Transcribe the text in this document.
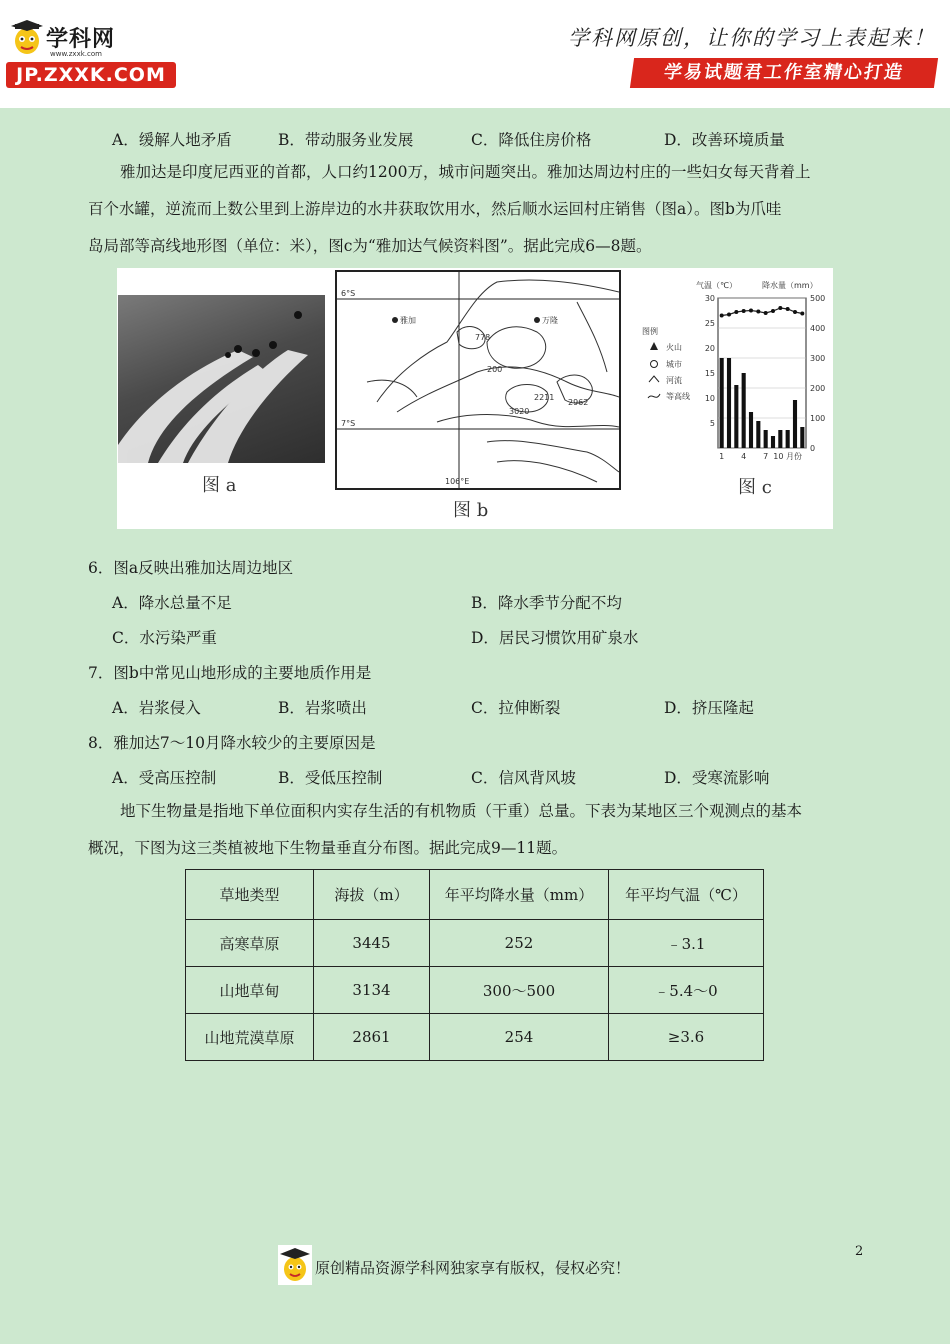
学科网
www.zxxk.com
JP.ZXXK.COM
学科网原创，让你的学习上表起来！
学易试题君工作室精心打造
A．缓解人地矛盾	B．带动服务业发展	C．降低住房价格	D．改善环境质量
雅加达是印度尼西亚的首都，人口约1200万，城市问题突出。雅加达周边村庄的一些妇女每天背着上
百个水罐，逆流而上数公里到上游岸边的水井获取饮用水，然后顺水运回村庄销售（图a）。图b为爪哇
岛局部等高线地形图（单位：米），图c为“雅加达气候资料图”。据此完成6—8题。
图 a
6°S
7°S
106°E
雅加	万隆
778
200
2211
2962
3020
图 b
气温（℃）	降水量（mm）
30
25
20
15
10
5
500
400
300
200
100
0
1 4 7 10 月份
图例
火山
城市
河流
等高线
图 c
6．图a反映出雅加达周边地区
A．降水总量不足	B．降水季节分配不均
C．水污染严重	D．居民习惯饮用矿泉水
7．图b中常见山地形成的主要地质作用是
A．岩浆侵入	B．岩浆喷出	C．拉伸断裂	D．挤压隆起
8．雅加达7～10月降水较少的主要原因是
A．受高压控制	B．受低压控制	C．信风背风坡	D．受寒流影响
地下生物量是指地下单位面积内实存生活的有机物质（干重）总量。下表为某地区三个观测点的基本
概况，下图为这三类植被地下生物量垂直分布图。据此完成9—11题。
草地类型	海拔（m）	年平均降水量（mm）	年平均气温（℃）
高寒草原	3445	252	﹣3.1
山地草甸	3134	300～500	﹣5.4～0
山地荒漠草原	2861	254	≥3.6
原创精品资源学科网独家享有版权，侵权必究！
2
